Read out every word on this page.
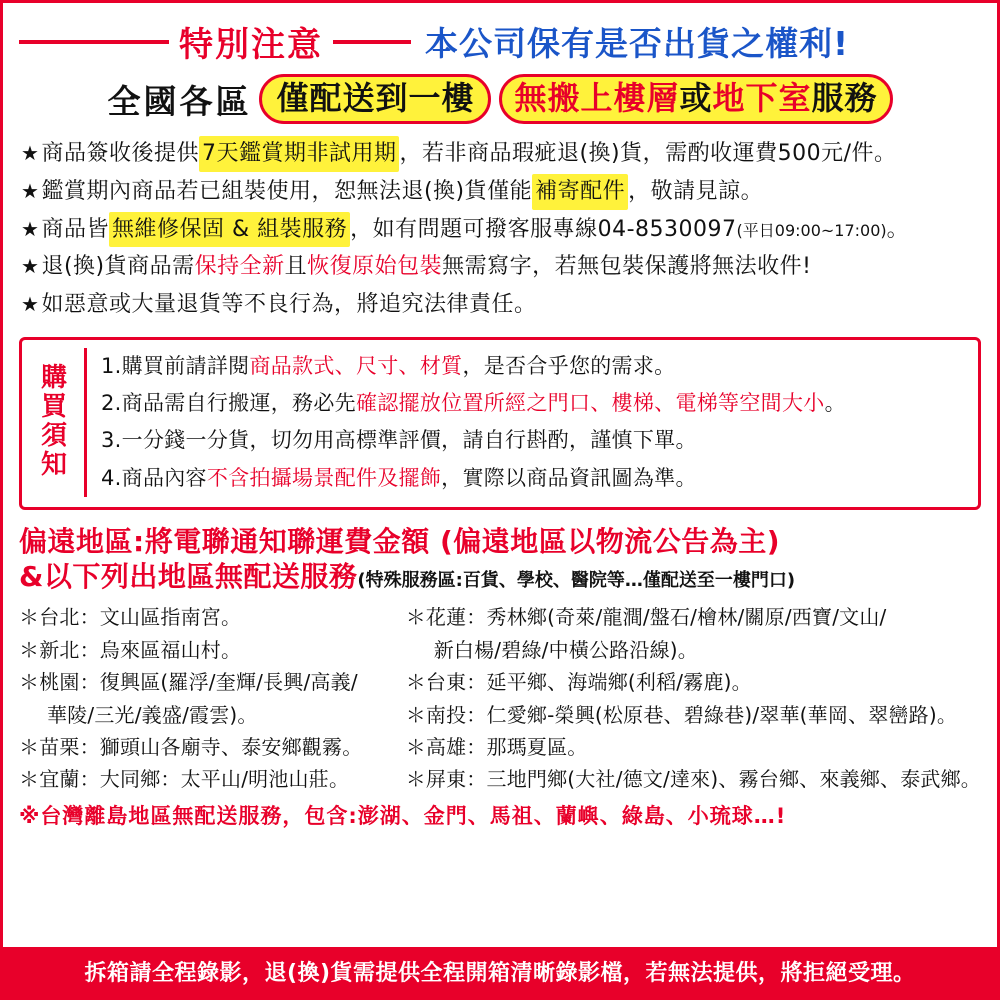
特別注意	本公司保有是否出貨之權利!
全國各區 僅配送到一樓	無搬上樓層或地下室服務
★ 商品簽收後提供 7天鑑賞期非試用期 ，若非商品瑕疵退(換)貨，需酌收運費500元/件。
★ 鑑賞期內商品若已組裝使用，恕無法退(換)貨僅能 補寄配件 ，敬請見諒。
★ 商品皆 無維修保固 & 組裝服務 ，如有問題可撥客服專線04-8530097 (平日09:00~17:00) 。
★ 退(換)貨商品需 保持全新 且 恢復原始包裝 無需寫字，若無包裝保護將無法收件!
★ 如惡意或大量退貨等不良行為，將追究法律責任。
購
買
須
知
1.購買前請詳閱商品款式、尺寸、材質，是否合乎您的需求。
2.商品需自行搬運，務必先確認擺放位置所經之門口、樓梯、電梯等空間大小。
3.一分錢一分貨，切勿用高標準評價，請自行斟酌，謹慎下單。
4.商品內容不含拍攝場景配件及擺飾，實際以商品資訊圖為準。
偏遠地區:將電聯通知聯運費金額 (偏遠地區以物流公告為主)
&以下列出地區無配送服務(特殊服務區:百貨、學校、醫院等…僅配送至一樓門口)
＊台北：文山區指南宮。
＊新北：烏來區福山村。
＊桃園：復興區(羅浮/奎輝/長興/高義/
華陵/三光/義盛/霞雲)。
＊苗栗：獅頭山各廟寺、泰安鄉觀霧。
＊宜蘭：大同鄉：太平山/明池山莊。
＊花蓮：秀林鄉(奇萊/龍澗/盤石/檜林/關原/西寶/文山/
新白楊/碧綠/中橫公路沿線)。
＊台東：延平鄉、海端鄉(利稻/霧鹿)。
＊南投：仁愛鄉-榮興(松原巷、碧綠巷)/翠華(華岡、翠巒路)。
＊高雄：那瑪夏區。
＊屏東：三地門鄉(大社/德文/達來)、霧台鄉、來義鄉、泰武鄉。
※台灣離島地區無配送服務，包含:澎湖、金門、馬祖、蘭嶼、綠島、小琉球…!
拆箱請全程錄影，退(換)貨需提供全程開箱清晰錄影檔，若無法提供，將拒絕受理。
